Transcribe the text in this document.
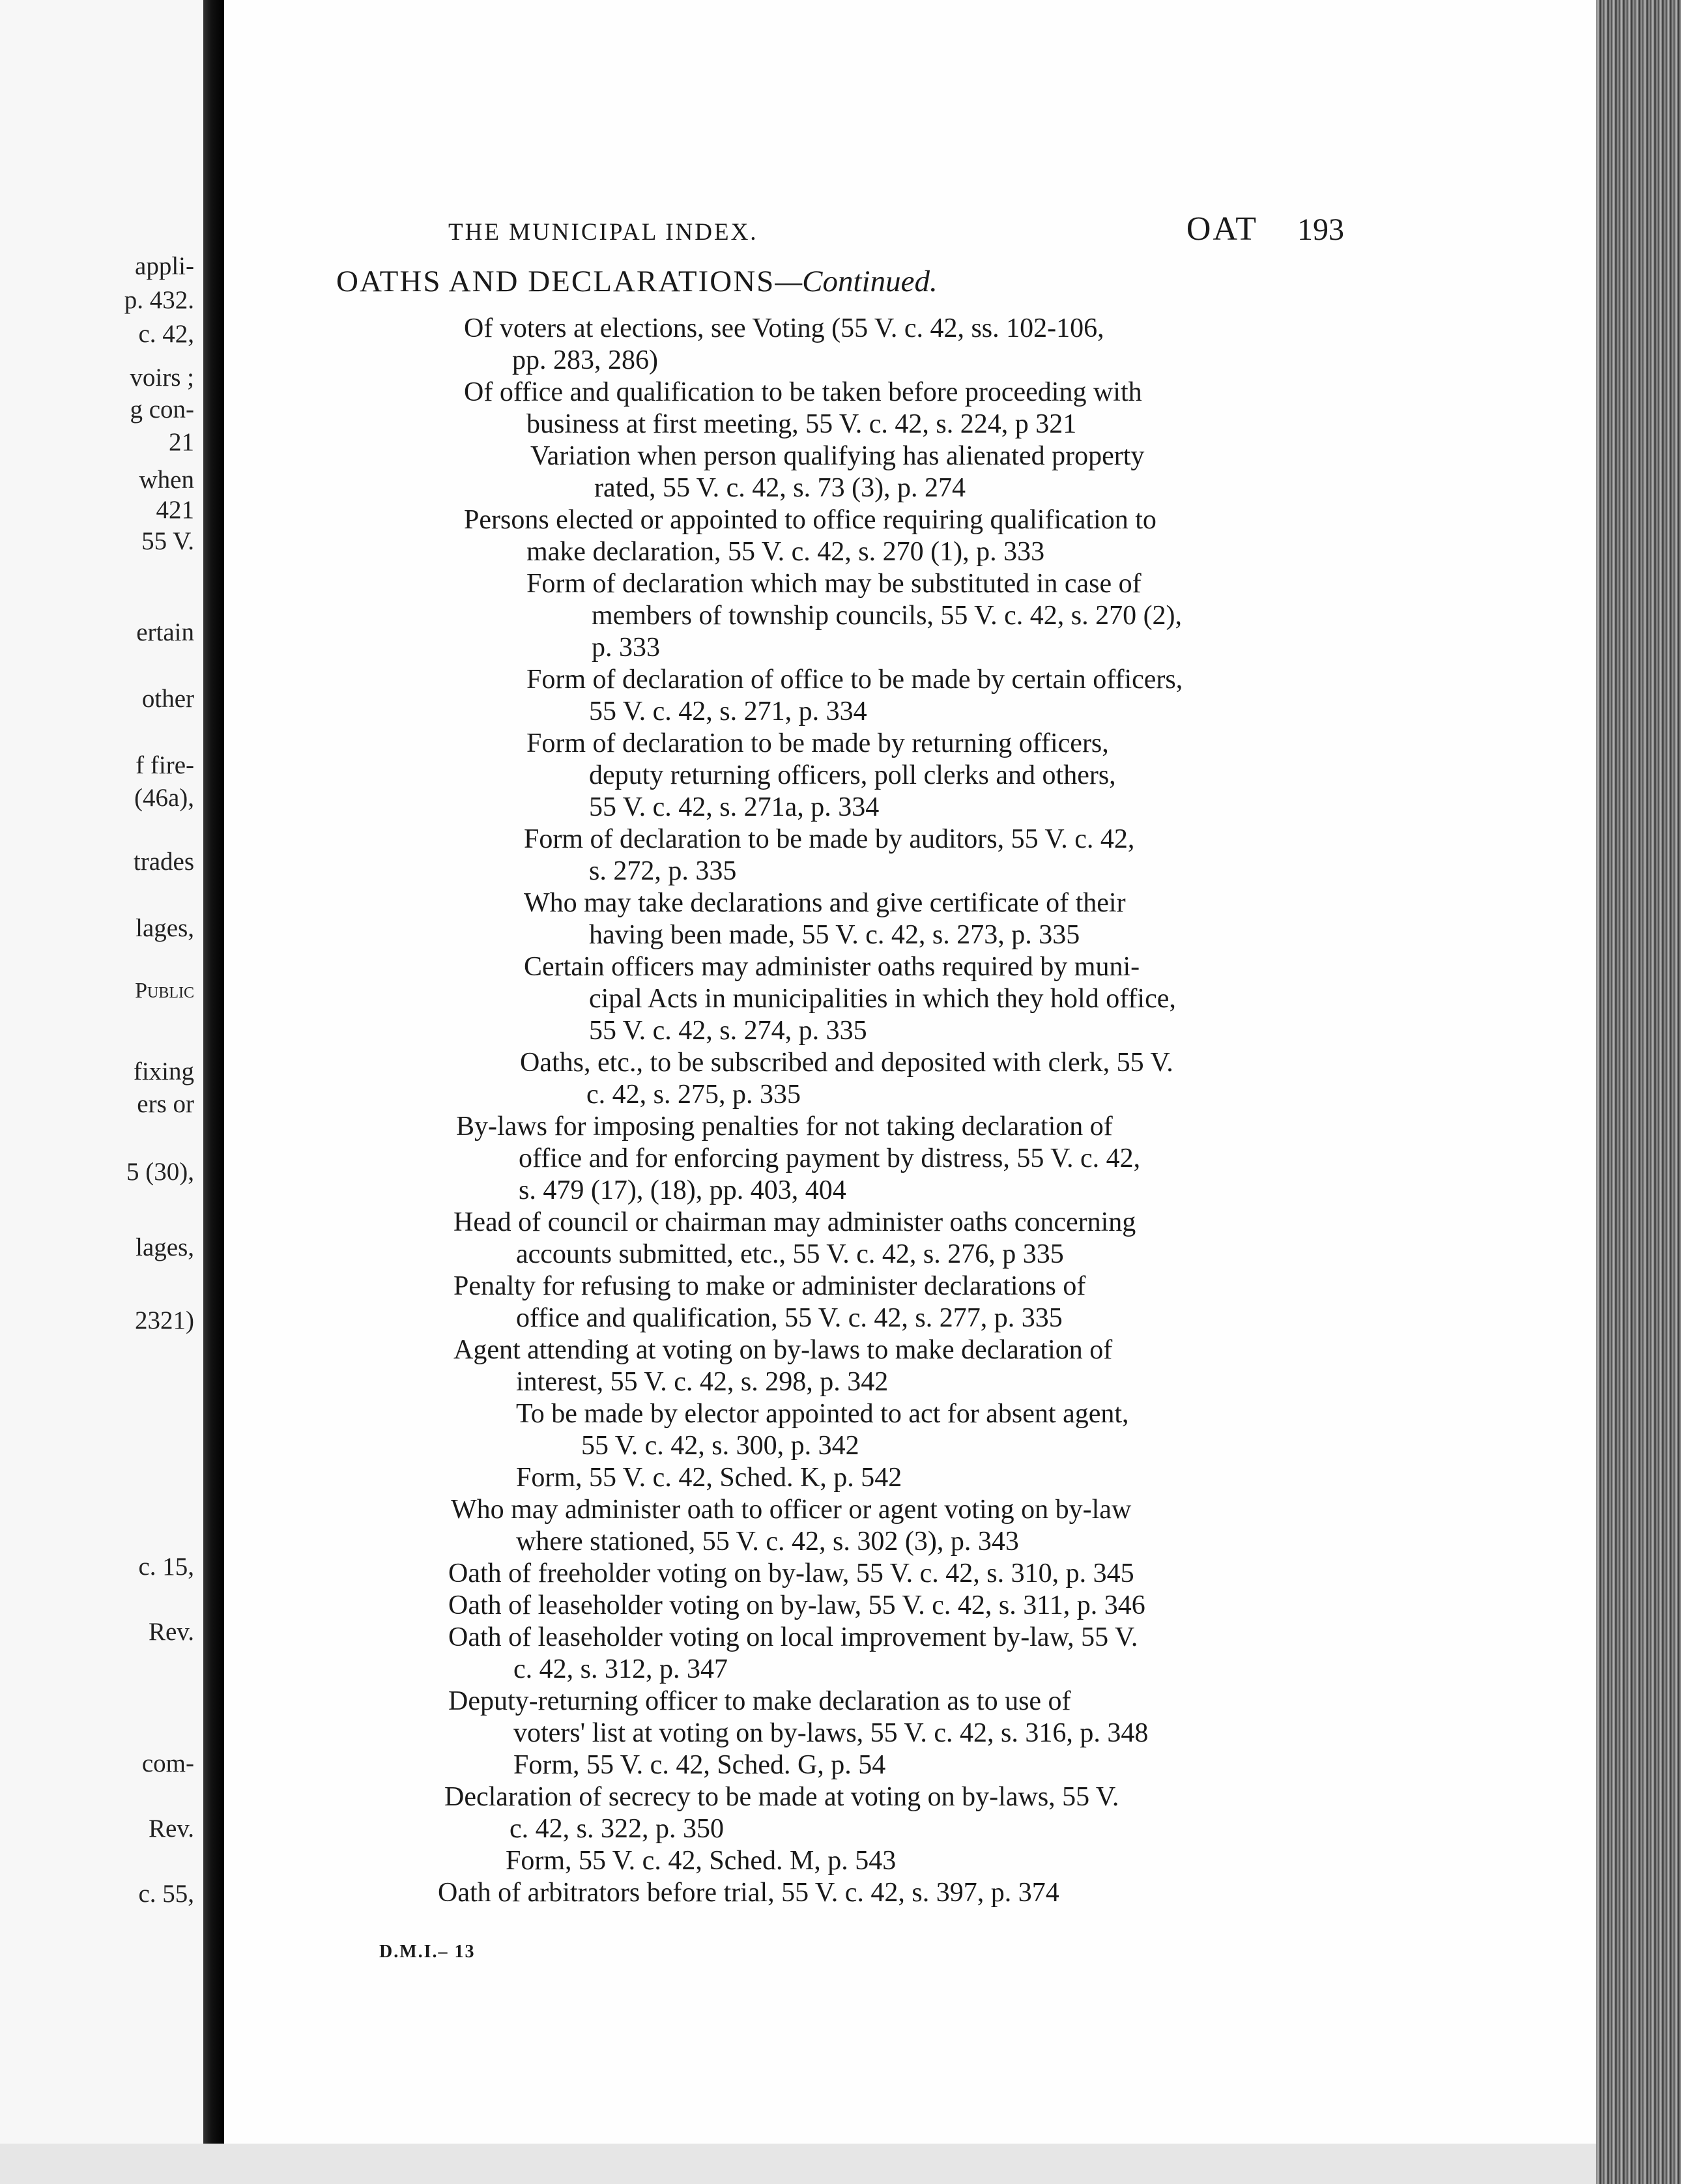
appli-
p. 432.
c. 42,
voirs ;
g con-
21
when
421
55 V.
ertain
other
f fire-
(46a),
trades
lages,
Public
fixing
ers or
5 (30),
lages,
2321)
c. 15,
Rev.
com-
Rev.
c. 55,
THE MUNICIPAL INDEX.	OAT 193
OATHS AND DECLARATIONS—Continued.
Of voters at elections, see Voting (55 V. c. 42, ss. 102-106,
pp. 283, 286)
Of office and qualification to be taken before proceeding with
business at first meeting, 55 V. c. 42, s. 224, p 321
Variation when person qualifying has alienated property
rated, 55 V. c. 42, s. 73 (3), p. 274
Persons elected or appointed to office requiring qualification to
make declaration, 55 V. c. 42, s. 270 (1), p. 333
Form of declaration which may be substituted in case of
members of township councils, 55 V. c. 42, s. 270 (2),
p. 333
Form of declaration of office to be made by certain officers,
55 V. c. 42, s. 271, p. 334
Form of declaration to be made by returning officers,
deputy returning officers, poll clerks and others,
55 V. c. 42, s. 271a, p. 334
Form of declaration to be made by auditors, 55 V. c. 42,
s. 272, p. 335
Who may take declarations and give certificate of their
having been made, 55 V. c. 42, s. 273, p. 335
Certain officers may administer oaths required by muni-
cipal Acts in municipalities in which they hold office,
55 V. c. 42, s. 274, p. 335
Oaths, etc., to be subscribed and deposited with clerk, 55 V.
c. 42, s. 275, p. 335
By-laws for imposing penalties for not taking declaration of
office and for enforcing payment by distress, 55 V. c. 42,
s. 479 (17), (18), pp. 403, 404
Head of council or chairman may administer oaths concerning
accounts submitted, etc., 55 V. c. 42, s. 276, p 335
Penalty for refusing to make or administer declarations of
office and qualification, 55 V. c. 42, s. 277, p. 335
Agent attending at voting on by-laws to make declaration of
interest, 55 V. c. 42, s. 298, p. 342
To be made by elector appointed to act for absent agent,
55 V. c. 42, s. 300, p. 342
Form, 55 V. c. 42, Sched. K, p. 542
Who may administer oath to officer or agent voting on by-law
where stationed, 55 V. c. 42, s. 302 (3), p. 343
Oath of freeholder voting on by-law, 55 V. c. 42, s. 310, p. 345
Oath of leaseholder voting on by-law, 55 V. c. 42, s. 311, p. 346
Oath of leaseholder voting on local improvement by-law, 55 V.
c. 42, s. 312, p. 347
Deputy-returning officer to make declaration as to use of
voters' list at voting on by-laws, 55 V. c. 42, s. 316, p. 348
Form, 55 V. c. 42, Sched. G, p. 54
Declaration of secrecy to be made at voting on by-laws, 55 V.
c. 42, s. 322, p. 350
Form, 55 V. c. 42, Sched. M, p. 543
Oath of arbitrators before trial, 55 V. c. 42, s. 397, p. 374
D.M.I.– 13
